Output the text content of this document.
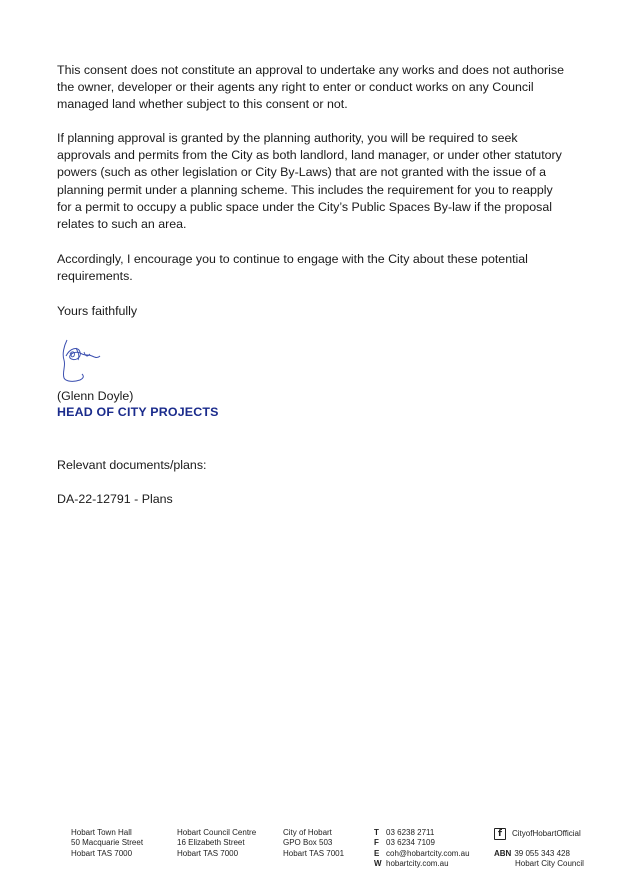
This consent does not constitute an approval to undertake any works and does not authorise the owner, developer or their agents any right to enter or conduct works on any Council managed land whether subject to this consent or not.

If planning approval is granted by the planning authority, you will be required to seek approvals and permits from the City as both landlord, land manager, or under other statutory powers (such as other legislation or City By-Laws) that are not granted with the issue of a planning permit under a planning scheme. This includes the requirement for you to reapply for a permit to occupy a public space under the City’s Public Spaces By-law if the proposal relates to such an area.

Accordingly, I encourage you to continue to engage with the City about these potential requirements.

Yours faithfully

(Glenn Doyle)
HEAD OF CITY PROJECTS
Relevant documents/plans:
DA-22-12791 - Plans
Hobart Town Hall
50 Macquarie Street
Hobart TAS 7000
Hobart Council Centre
16 Elizabeth Street
Hobart TAS 7000
City of Hobart
GPO Box 503
Hobart TAS 7001
T 03 6238 2711
F 03 6234 7109
E coh@hobartcity.com.au
W hobartcity.com.au
f	CityofHobartOfficial
ABN 39 055 343 428
Hobart City Council
